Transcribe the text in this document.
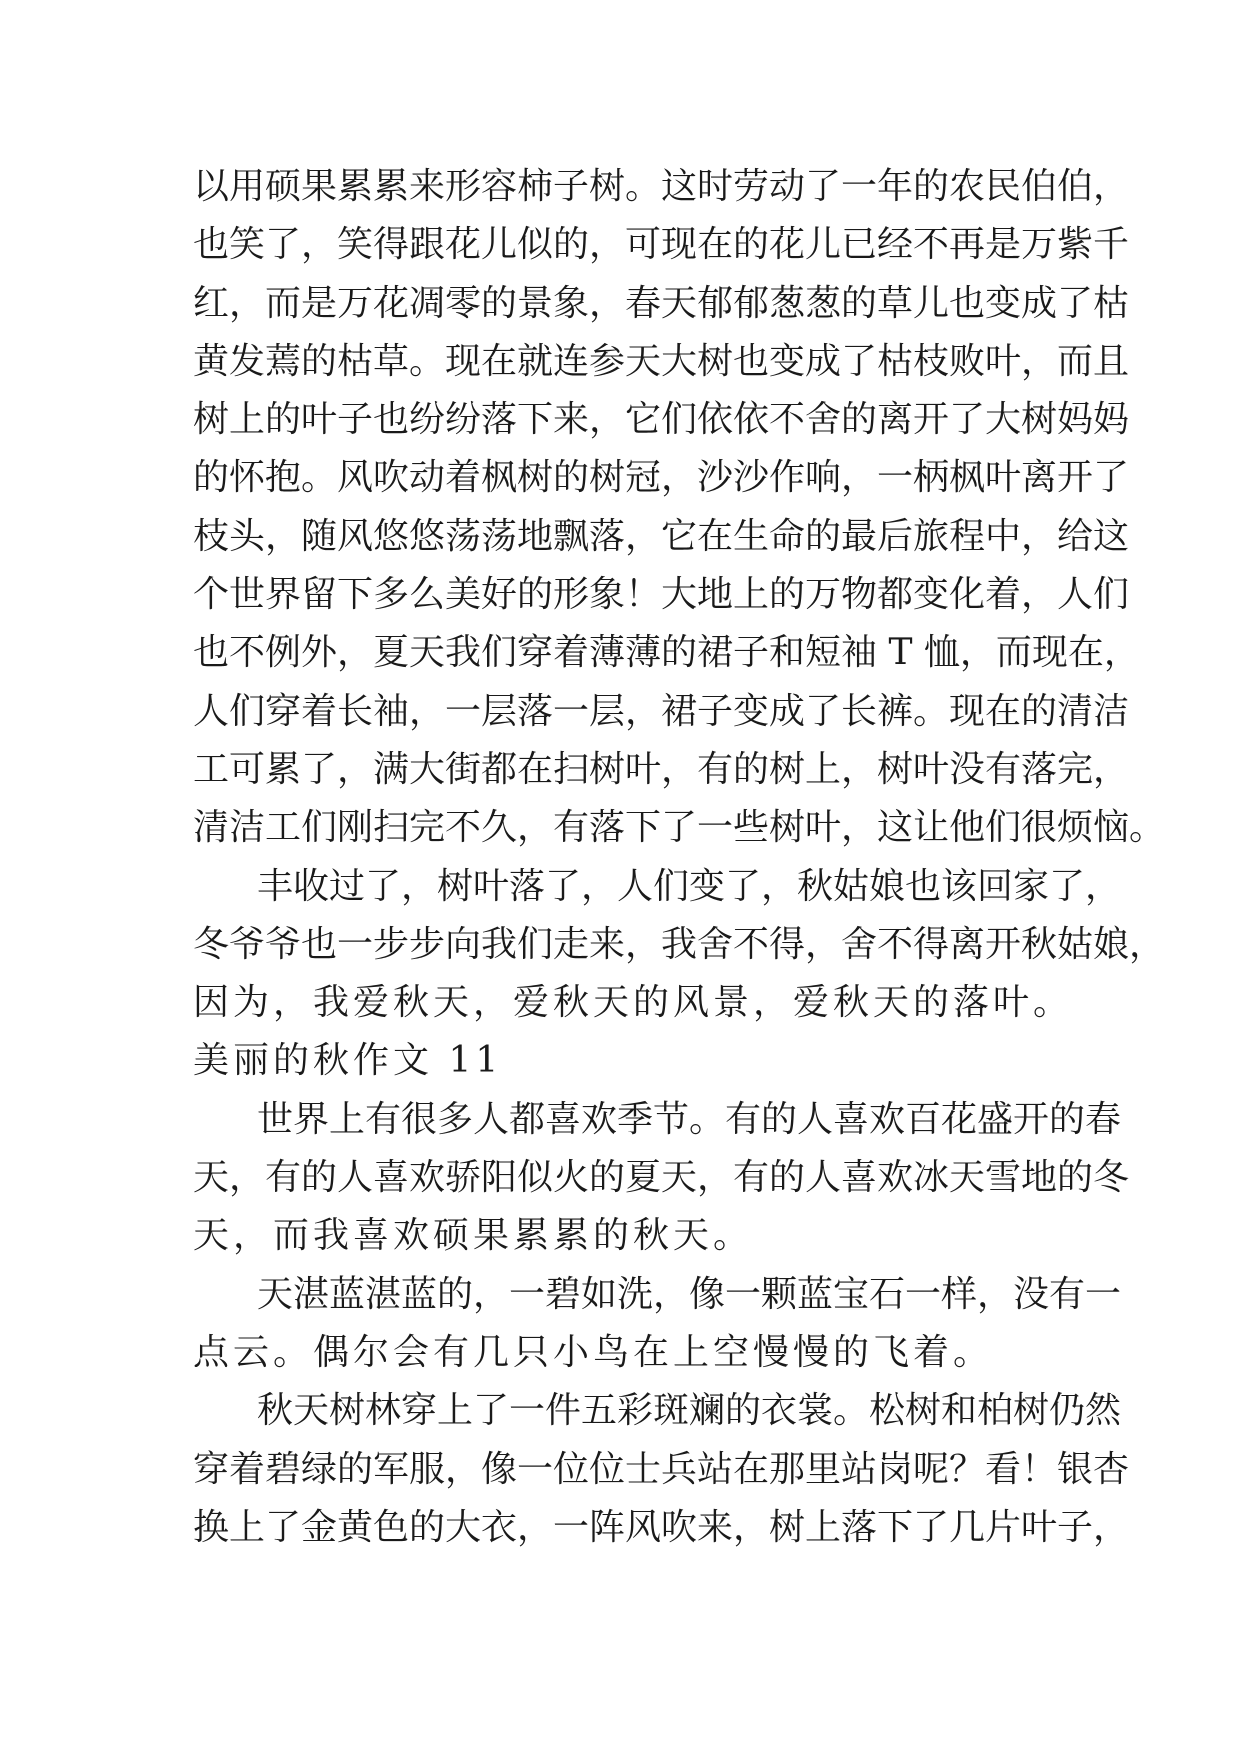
以用硕果累累来形容柿子树。这时劳动了一年的农民伯伯，
也笑了，笑得跟花儿似的，可现在的花儿已经不再是万紫千
红，而是万花凋零的景象，春天郁郁葱葱的草儿也变成了枯
黄发蔫的枯草。现在就连参天大树也变成了枯枝败叶，而且
树上的叶子也纷纷落下来，它们依依不舍的离开了大树妈妈
的怀抱。风吹动着枫树的树冠，沙沙作响，一柄枫叶离开了
枝头，随风悠悠荡荡地飘落，它在生命的最后旅程中，给这
个世界留下多么美好的形象！大地上的万物都变化着，人们
也不例外，夏天我们穿着薄薄的裙子和短袖 T 恤，而现在，
人们穿着长袖，一层落一层，裙子变成了长裤。现在的清洁
工可累了，满大街都在扫树叶，有的树上，树叶没有落完，
清洁工们刚扫完不久，有落下了一些树叶，这让他们很烦恼。
丰收过了，树叶落了，人们变了，秋姑娘也该回家了，
冬爷爷也一步步向我们走来，我舍不得，舍不得离开秋姑娘，
因为，我爱秋天，爱秋天的风景，爱秋天的落叶。
美丽的秋作文 11
世界上有很多人都喜欢季节。有的人喜欢百花盛开的春
天，有的人喜欢骄阳似火的夏天，有的人喜欢冰天雪地的冬
天，而我喜欢硕果累累的秋天。
天湛蓝湛蓝的，一碧如洗，像一颗蓝宝石一样，没有一
点云。偶尔会有几只小鸟在上空慢慢的飞着。
秋天树林穿上了一件五彩斑斓的衣裳。松树和柏树仍然
穿着碧绿的军服，像一位位士兵站在那里站岗呢？看！银杏
换上了金黄色的大衣，一阵风吹来，树上落下了几片叶子，
